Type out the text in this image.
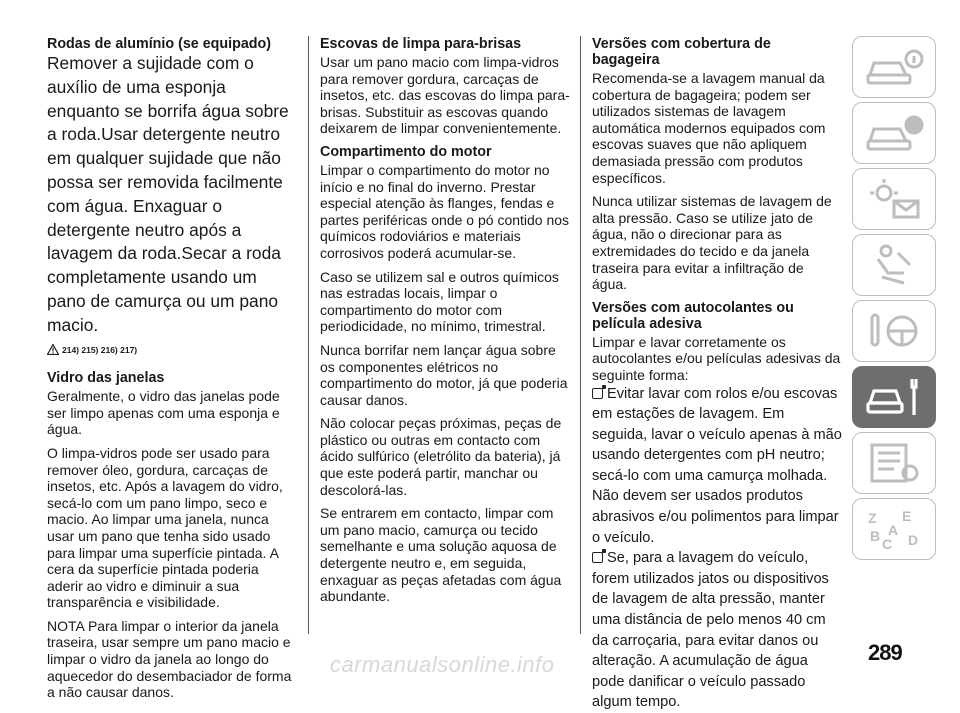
Rodas de alumínio (se equipado)

Remover a sujidade com o auxílio de uma esponja enquanto se borrifa água sobre a roda.Usar detergente neutro em qualquer sujidade que não possa ser removida facilmente com água. Enxaguar o detergente neutro após a lavagem da roda.Secar a roda completamente usando um pano de camurça ou um pano macio.

214) 215) 216) 217)
Vidro das janelas

Geralmente, o vidro das janelas pode ser limpo apenas com uma esponja e água.

O limpa-vidros pode ser usado para remover óleo, gordura, carcaças de insetos, etc. Após a lavagem do vidro, secá-lo com um pano limpo, seco e macio. Ao limpar uma janela, nunca usar um pano que tenha sido usado para limpar uma superfície pintada. A cera da superfície pintada poderia aderir ao vidro e diminuir a sua transparência e visibilidade.

NOTA Para limpar o interior da janela traseira, usar sempre um pano macio e limpar o vidro da janela ao longo do aquecedor do desembaciador de forma a não causar danos.

Escovas de limpa para-brisas

Usar um pano macio com limpa-vidros para remover gordura, carcaças de insetos, etc. das escovas do limpa para-brisas. Substituir as escovas quando deixarem de limpar convenientemente.

Compartimento do motor

Limpar o compartimento do motor no início e no final do inverno. Prestar especial atenção às flanges, fendas e partes periféricas onde o pó contido nos químicos rodoviários e materiais corrosivos poderá acumular-se.

Caso se utilizem sal e outros químicos nas estradas locais, limpar o compartimento do motor com periodicidade, no mínimo, trimestral.

Nunca borrifar nem lançar água sobre os componentes elétricos no compartimento do motor, já que poderia causar danos.

Não colocar peças próximas, peças de plástico ou outras em contacto com ácido sulfúrico (eletrólito da bateria), já que este poderá partir, manchar ou descolorá-las.

Se entrarem em contacto, limpar com um pano macio, camurça ou tecido semelhante e uma solução aquosa de detergente neutro e, em seguida, enxaguar as peças afetadas com água abundante.

Versões com cobertura de bagageira

Recomenda-se a lavagem manual da cobertura de bagageira; podem ser utilizados sistemas de lavagem automática modernos equipados com escovas suaves que não apliquem demasiada pressão com produtos específicos.

Nunca utilizar sistemas de lavagem de alta pressão. Caso se utilize jato de água, não o direcionar para as extremidades do tecido e da janela traseira para evitar a infiltração de água.

Versões com autocolantes ou película adesiva

Limpar e lavar corretamente os autocolantes e/ou películas adesivas da seguinte forma:

Evitar lavar com rolos e/ou escovas em estações de lavagem. Em seguida, lavar o veículo apenas à mão usando detergentes com pH neutro; secá-lo com uma camurça molhada. Não devem ser usados produtos abrasivos e/ou polimentos para limpar o veículo.

Se, para a lavagem do veículo, forem utilizados jatos ou dispositivos de lavagem de alta pressão, manter uma distância de pelo menos 40 cm da carroçaria, para evitar danos ou alteração. A acumulação de água pode danificar o veículo passado algum tempo.

Z E
A
B C D
289
carmanualsonline.info
